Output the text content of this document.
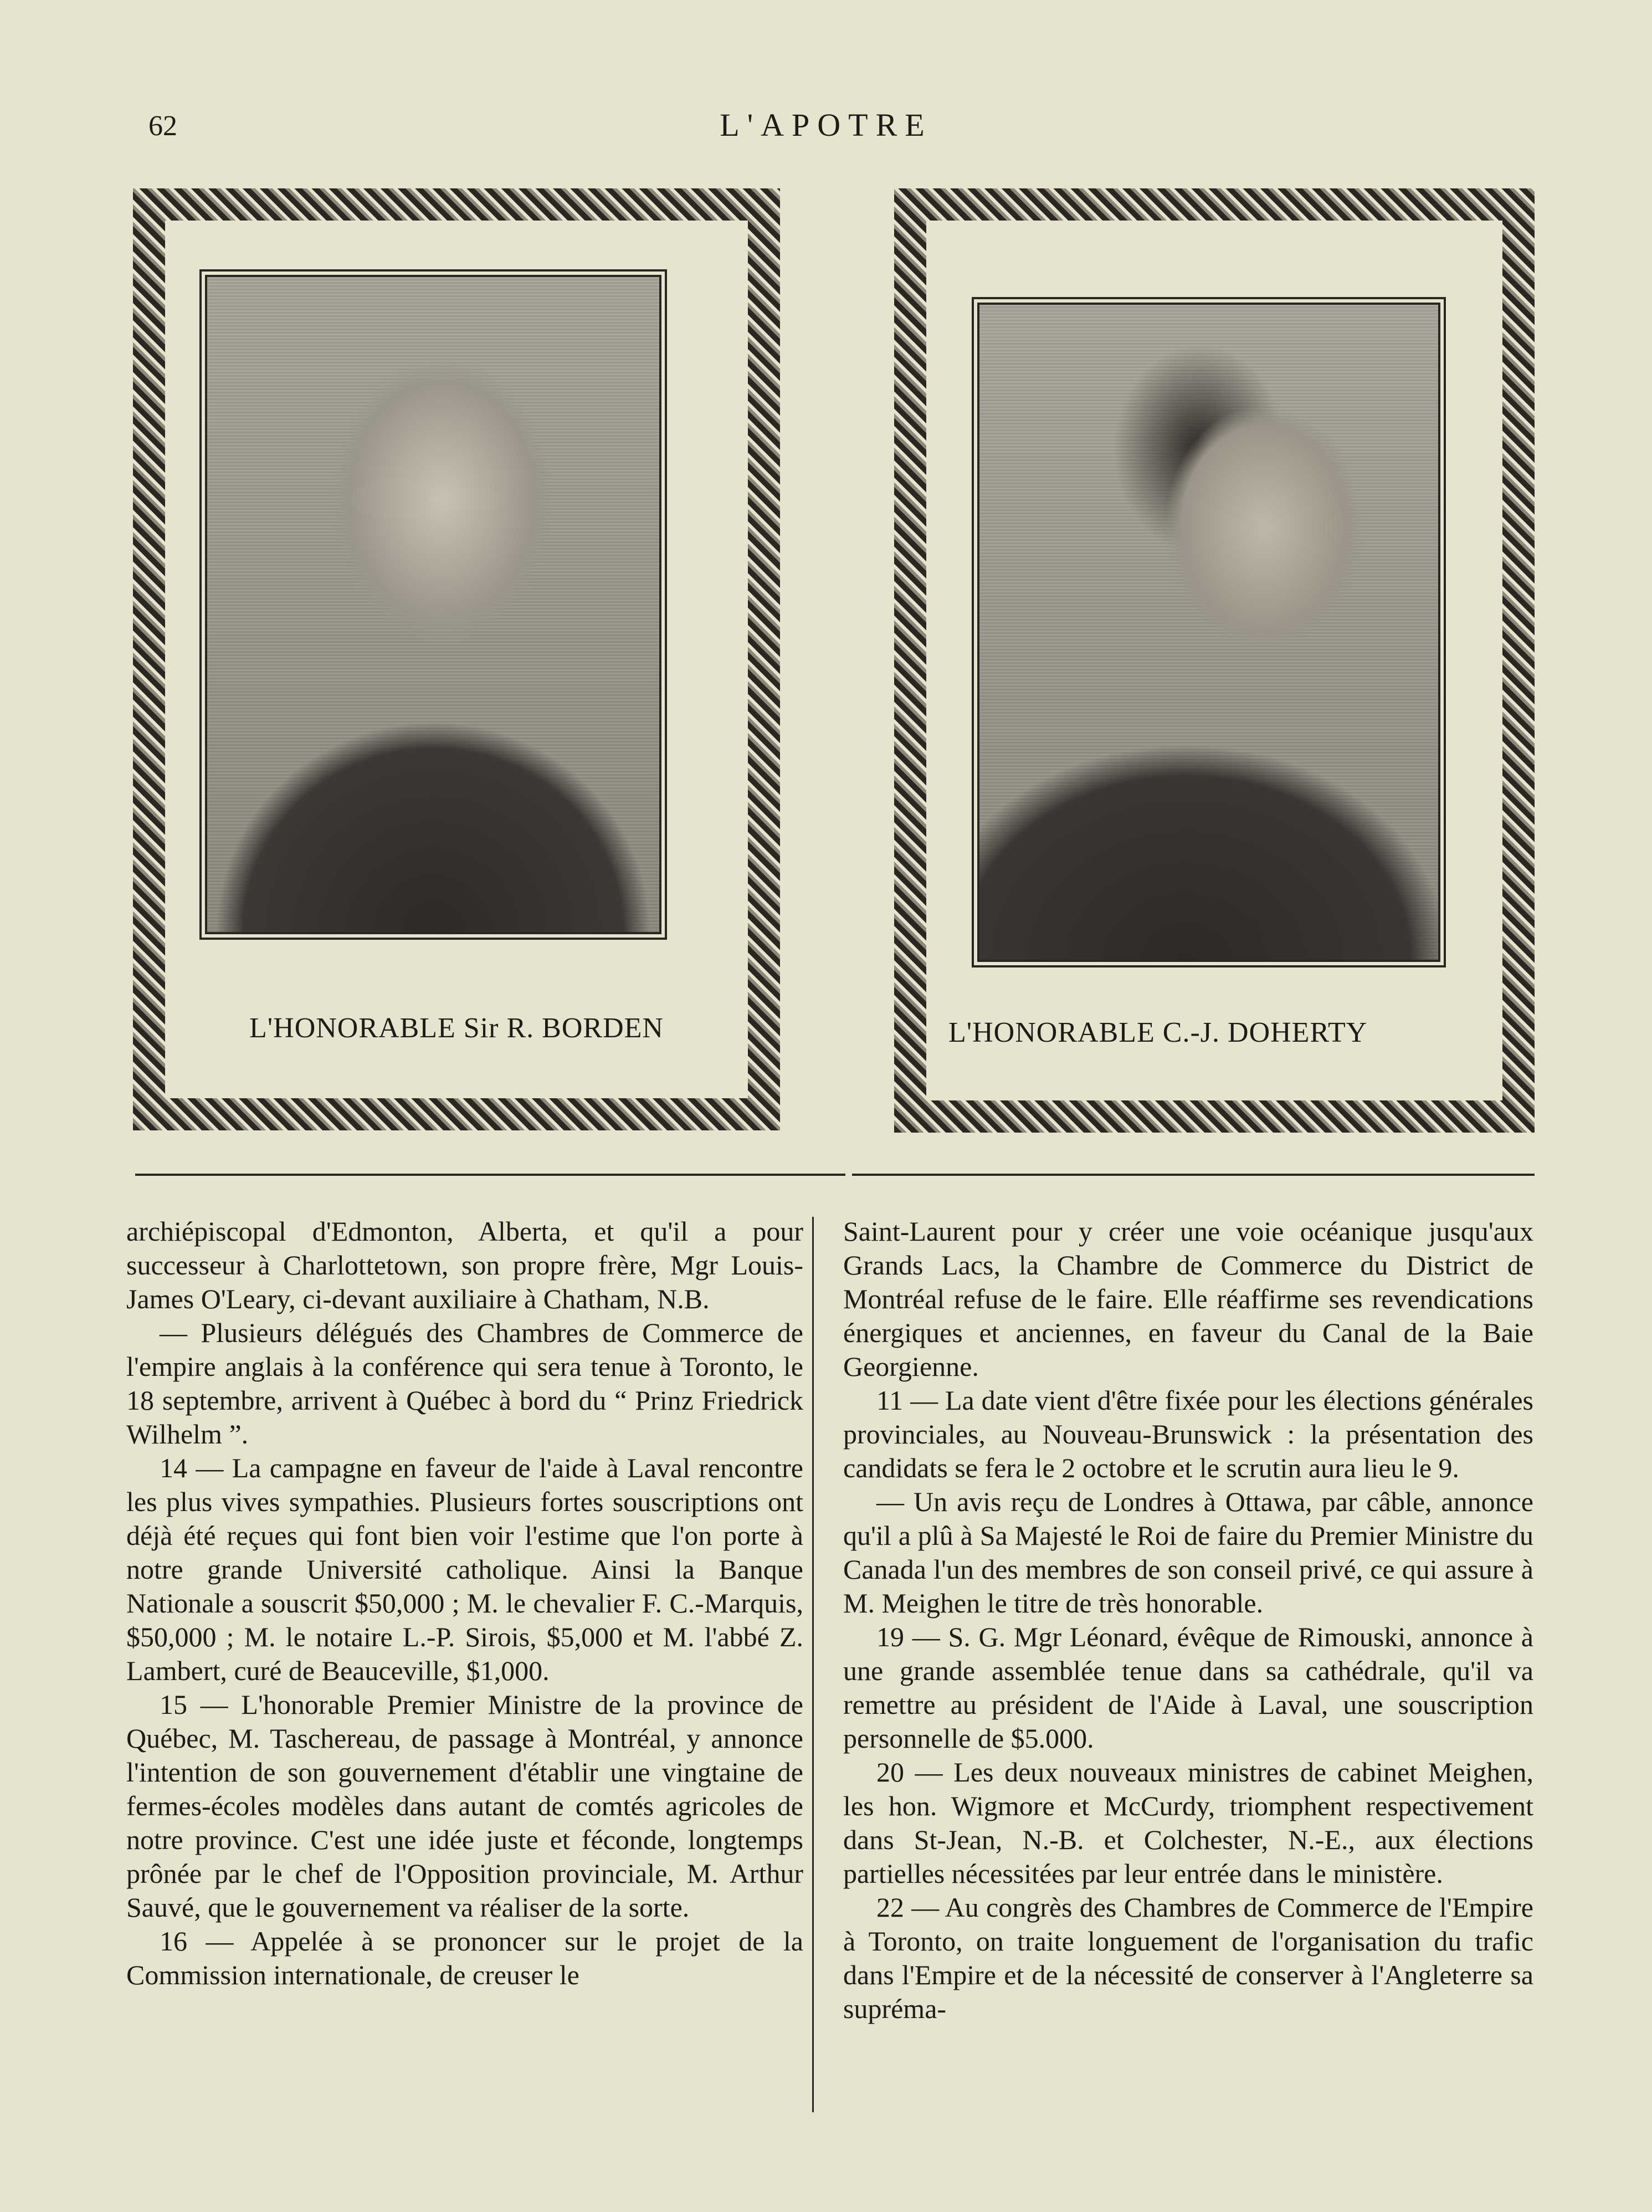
62	L'APOTRE
L'HONORABLE Sir R. BORDEN	L'HONORABLE C.-J. DOHERTY

archiépiscopal d'Edmonton, Alberta, et qu'il a pour successeur à Charlottetown, son propre frère, Mgr Louis-James O'Leary, ci-devant auxiliaire à Chatham, N.B.

— Plusieurs délégués des Chambres de Commerce de l'empire anglais à la conférence qui sera tenue à Toronto, le 18 septembre, arrivent à Québec à bord du “ Prinz Friedrick Wilhelm ”.

14 — La campagne en faveur de l'aide à Laval rencontre les plus vives sympathies. Plusieurs fortes souscriptions ont déjà été reçues qui font bien voir l'estime que l'on porte à notre grande Université catholique. Ainsi la Banque Nationale a souscrit $50,000 ; M. le chevalier F. C.-Marquis, $50,000 ; M. le notaire L.-P. Sirois, $5,000 et M. l'abbé Z. Lambert, curé de Beauceville, $1,000.

15 — L'honorable Premier Ministre de la province de Québec, M. Taschereau, de passage à Montréal, y annonce l'intention de son gouvernement d'établir une vingtaine de fermes-écoles modèles dans autant de comtés agricoles de notre province. C'est une idée juste et féconde, longtemps prônée par le chef de l'Opposition provinciale, M. Arthur Sauvé, que le gouvernement va réaliser de la sorte.

16 — Appelée à se prononcer sur le projet de la Commission internationale, de creuser le

Saint-Laurent pour y créer une voie océanique jusqu'aux Grands Lacs, la Chambre de Commerce du District de Montréal refuse de le faire. Elle réaffirme ses revendications énergiques et anciennes, en faveur du Canal de la Baie Georgienne.

11 — La date vient d'être fixée pour les élections générales provinciales, au Nouveau-Brunswick : la présentation des candidats se fera le 2 octobre et le scrutin aura lieu le 9.

— Un avis reçu de Londres à Ottawa, par câble, annonce qu'il a plû à Sa Majesté le Roi de faire du Premier Ministre du Canada l'un des membres de son conseil privé, ce qui assure à M. Meighen le titre de très honorable.

19 — S. G. Mgr Léonard, évêque de Rimouski, annonce à une grande assemblée tenue dans sa cathédrale, qu'il va remettre au président de l'Aide à Laval, une souscription personnelle de $5.000.

20 — Les deux nouveaux ministres de cabinet Meighen, les hon. Wigmore et McCurdy, triomphent respectivement dans St-Jean, N.-B. et Colchester, N.-E., aux élections partielles nécessitées par leur entrée dans le ministère.

22 — Au congrès des Chambres de Commerce de l'Empire à Toronto, on traite longuement de l'organisation du trafic dans l'Empire et de la nécessité de conserver à l'Angleterre sa supréma-
